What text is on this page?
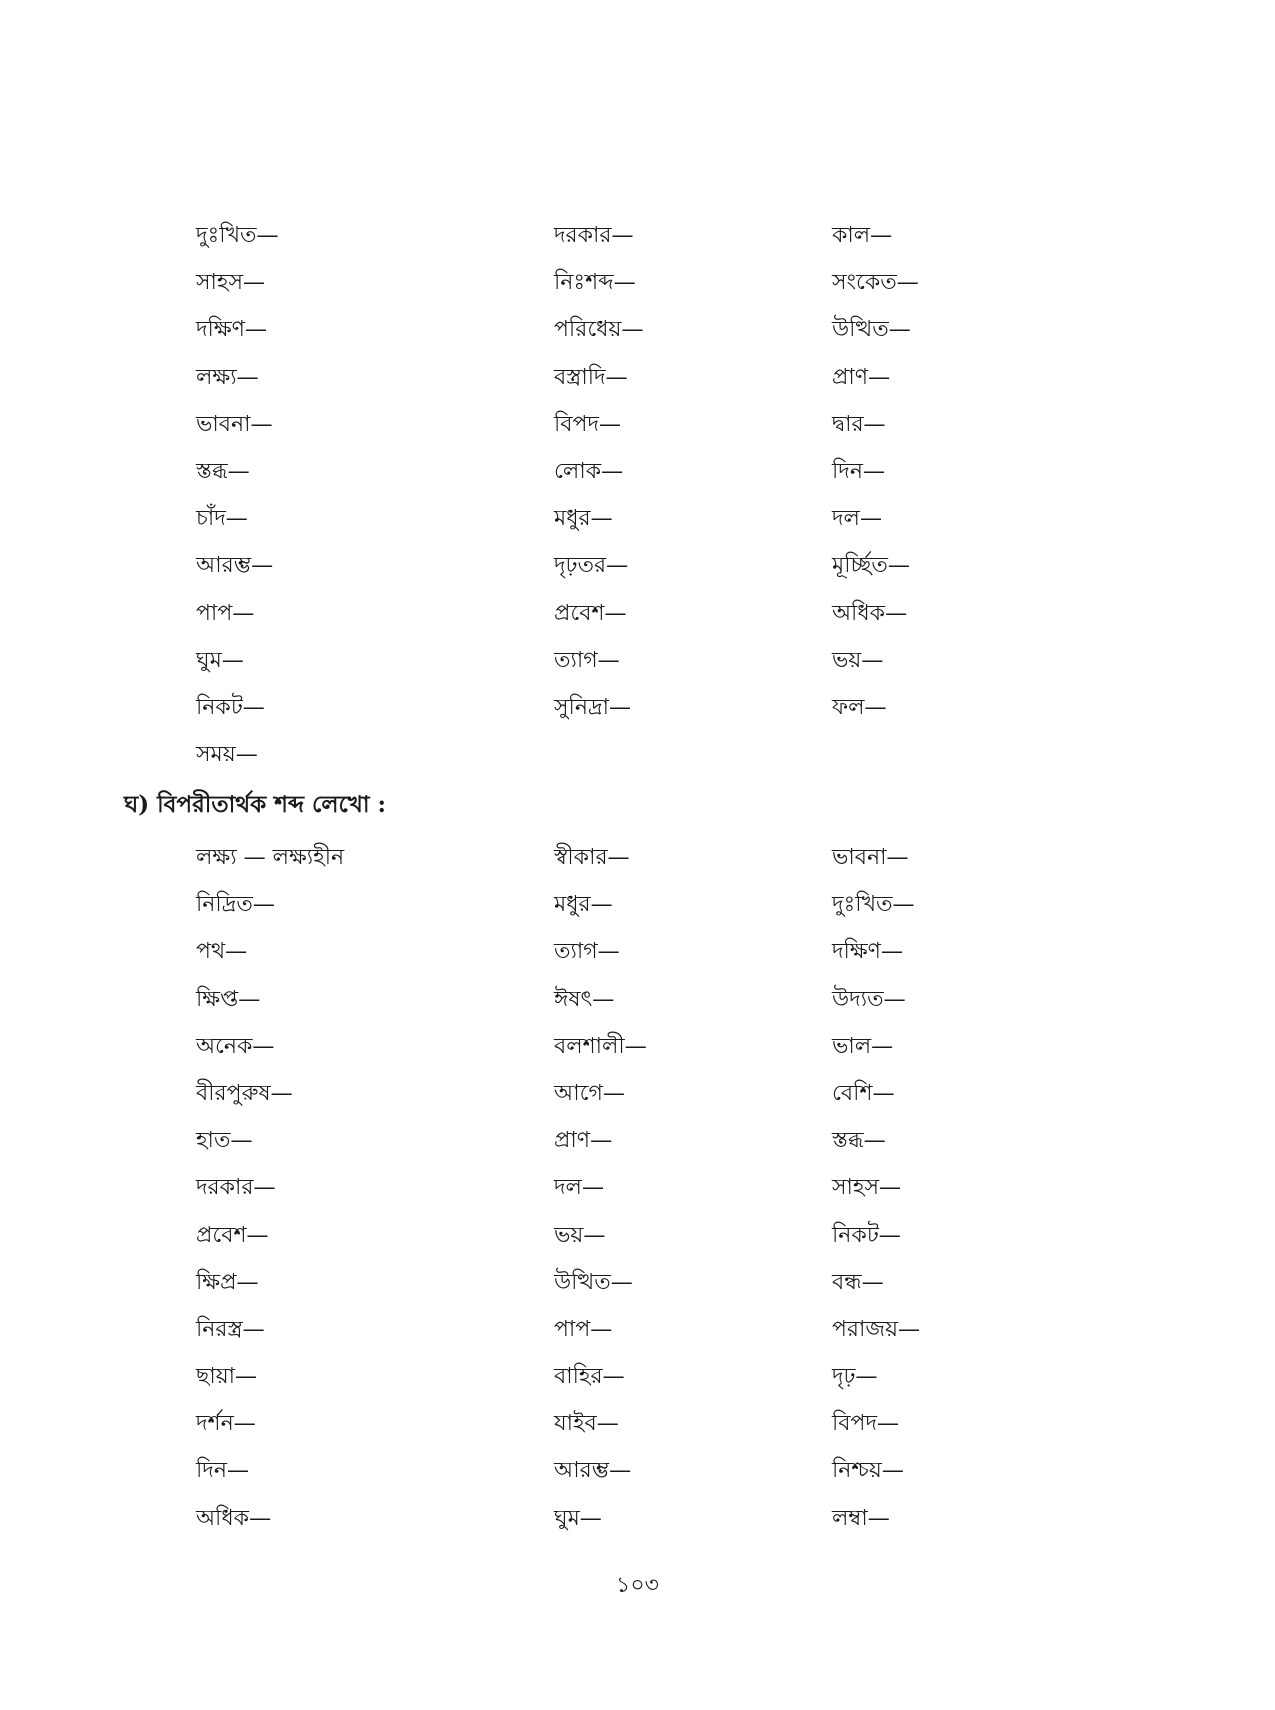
দুঃখিত—	দরকার—	কাল—
সাহস—	নিঃশব্দ—	সংকেত—
দক্ষিণ—	পরিধেয়—	উত্থিত—
লক্ষ্য—	বস্ত্রাদি—	প্রাণ—
ভাবনা—	বিপদ—	দ্বার—
স্তব্ধ—	লোক—	দিন—
চাঁদ—	মধুর—	দল—
আরম্ভ—	দৃঢ়তর—	মূর্চ্ছিত—
পাপ—	প্রবেশ—	অধিক—
ঘুম—	ত্যাগ—	ভয়—
নিকট—	সুনিদ্রা—	ফল—
সময়—
ঘ) বিপরীতার্থক শব্দ লেখো :
লক্ষ্য — লক্ষ্যহীন	স্বীকার—	ভাবনা—
নিদ্রিত—	মধুর—	দুঃখিত—
পথ—	ত্যাগ—	দক্ষিণ—
ক্ষিপ্ত—	ঈষৎ—	উদ্যত—
অনেক—	বলশালী—	ভাল—
বীরপুরুষ—	আগে—	বেশি—
হাত—	প্রাণ—	স্তব্ধ—
দরকার—	দল—	সাহস—
প্রবেশ—	ভয়—	নিকট—
ক্ষিপ্র—	উত্থিত—	বন্ধ—
নিরস্ত্র—	পাপ—	পরাজয়—
ছায়া—	বাহির—	দৃঢ়—
দর্শন—	যাইব—	বিপদ—
দিন—	আরম্ভ—	নিশ্চয়—
অধিক—	ঘুম—	লম্বা—
১০৩
